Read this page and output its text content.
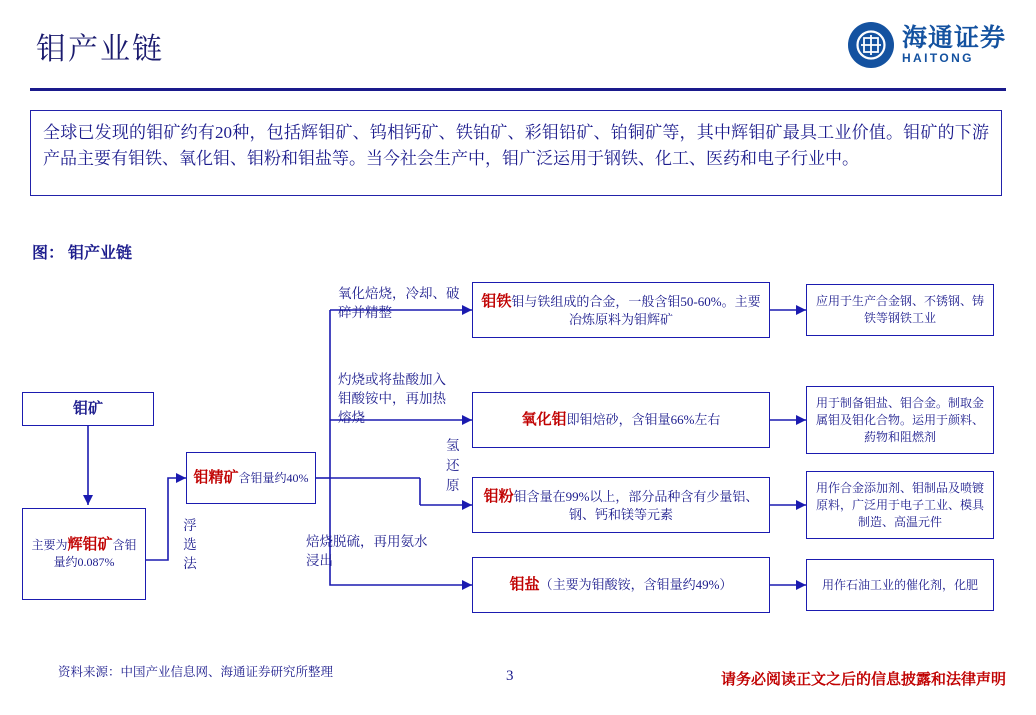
钼产业链	海通证券
HAITONG
全球已发现的钼矿约有20种，包括辉钼矿、钨相钙矿、铁铂矿、彩钼铅矿、铂铜矿等，其中辉钼矿最具工业价值。钼矿的下游产品主要有钼铁、氧化钼、钼粉和钼盐等。当今社会生产中，钼广泛运用于钢铁、化工、医药和电子行业中。
图： 钼产业链
钼矿
主要为辉钼矿含钼量约0.087%
钼精矿含钼量约40%
钼铁钼与铁组成的合金，一般含钼50-60%。主要冶炼原料为钼辉矿
氧化钼即钼焙砂，含钼量66%左右
钼粉钼含量在99%以上，部分品种含有少量铝、钢、钙和镁等元素
钼盐（主要为钼酸铵，含钼量约49%）
应用于生产合金钢、不锈钢、铸铁等钢铁工业
用于制备钼盐、钼合金。制取金属钼及钼化合物。运用于颜料、葯物和阻燃剂
用作合金添加剂、钼制品及喷镀原料，广泛用于电子工业、模具制造、高温元件
用作石油工业的催化剂，化肥
浮选法
氧化焙烧，冷却、破碎并精整
灼烧或将盐酸加入钼酸铵中，再加热熔烧
氢还原
焙烧脱硫，再用氨水浸出
资料来源：中国产业信息网、海通证券研究所整理	3	请务必阅读正文之后的信息披露和法律声明
